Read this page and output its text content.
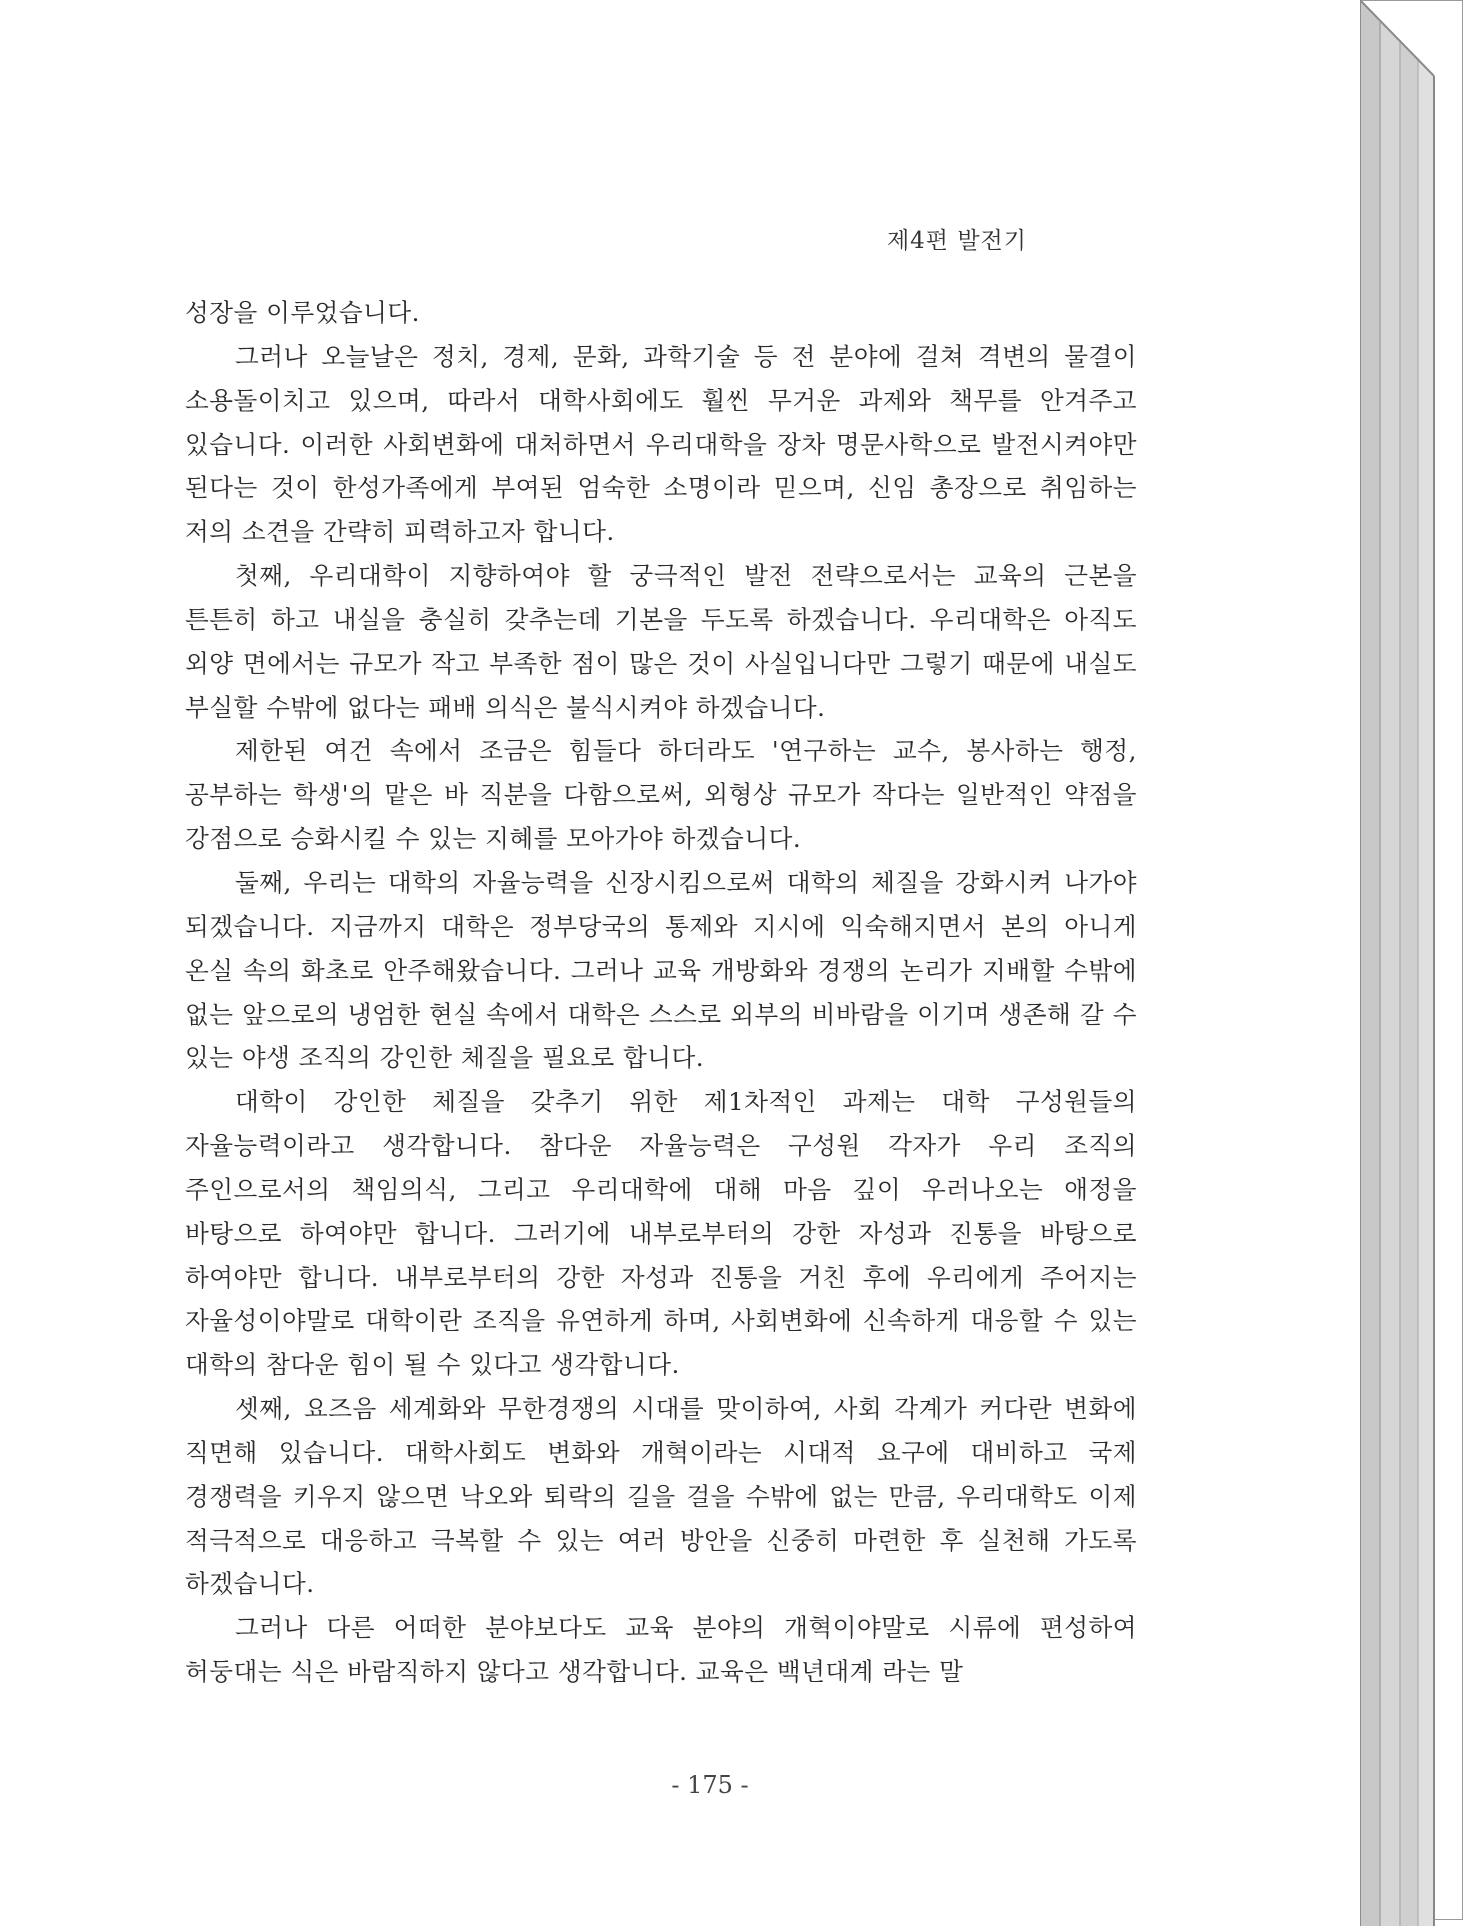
제4편 발전기

성장을 이루었습니다.

그러나 오늘날은 정치, 경제, 문화, 과학기술 등 전 분야에 걸쳐 격변의 물결이 소용돌이치고 있으며, 따라서 대학사회에도 훨씬 무거운 과제와 책무를 안겨주고 있습니다. 이러한 사회변화에 대처하면서 우리대학을 장차 명문사학으로 발전시켜야만 된다는 것이 한성가족에게 부여된 엄숙한 소명이라 믿으며, 신임 총장으로 취임하는 저의 소견을 간략히 피력하고자 합니다.

첫째, 우리대학이 지향하여야 할 궁극적인 발전 전략으로서는 교육의 근본을 튼튼히 하고 내실을 충실히 갖추는데 기본을 두도록 하겠습니다. 우리대학은 아직도 외양 면에서는 규모가 작고 부족한 점이 많은 것이 사실입니다만 그렇기 때문에 내실도 부실할 수밖에 없다는 패배 의식은 불식시켜야 하겠습니다.

제한된 여건 속에서 조금은 힘들다 하더라도 '연구하는 교수, 봉사하는 행정, 공부하는 학생'의 맡은 바 직분을 다함으로써, 외형상 규모가 작다는 일반적인 약점을 강점으로 승화시킬 수 있는 지혜를 모아가야 하겠습니다.

둘째, 우리는 대학의 자율능력을 신장시킴으로써 대학의 체질을 강화시켜 나가야 되겠습니다. 지금까지 대학은 정부당국의 통제와 지시에 익숙해지면서 본의 아니게 온실 속의 화초로 안주해왔습니다. 그러나 교육 개방화와 경쟁의 논리가 지배할 수밖에 없는 앞으로의 냉엄한 현실 속에서 대학은 스스로 외부의 비바람을 이기며 생존해 갈 수 있는 야생 조직의 강인한 체질을 필요로 합니다.

대학이 강인한 체질을 갖추기 위한 제1차적인 과제는 대학 구성원들의 자율능력이라고 생각합니다. 참다운 자율능력은 구성원 각자가 우리 조직의 주인으로서의 책임의식, 그리고 우리대학에 대해 마음 깊이 우러나오는 애정을 바탕으로 하여야만 합니다. 그러기에 내부로부터의 강한 자성과 진통을 바탕으로 하여야만 합니다. 내부로부터의 강한 자성과 진통을 거친 후에 우리에게 주어지는 자율성이야말로 대학이란 조직을 유연하게 하며, 사회변화에 신속하게 대응할 수 있는 대학의 참다운 힘이 될 수 있다고 생각합니다.

셋째, 요즈음 세계화와 무한경쟁의 시대를 맞이하여, 사회 각계가 커다란 변화에 직면해 있습니다. 대학사회도 변화와 개혁이라는 시대적 요구에 대비하고 국제 경쟁력을 키우지 않으면 낙오와 퇴락의 길을 걸을 수밖에 없는 만큼, 우리대학도 이제 적극적으로 대응하고 극복할 수 있는 여러 방안을 신중히 마련한 후 실천해 가도록 하겠습니다.

그러나 다른 어떠한 분야보다도 교육 분야의 개혁이야말로 시류에 편성하여 허둥대는 식은 바람직하지 않다고 생각합니다. 교육은 백년대계 라는 말

- 175 -
